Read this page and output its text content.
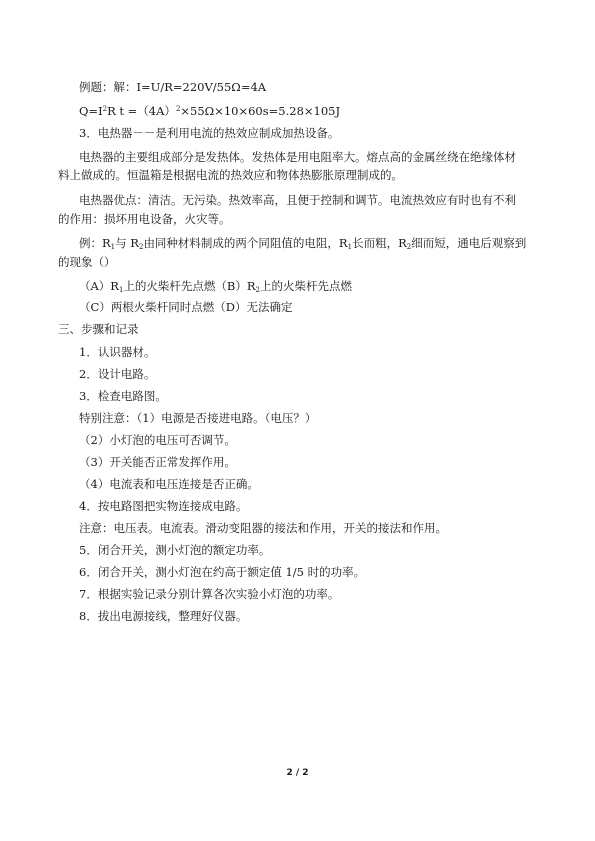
例题：解：I=U/R=220V/55Ω=4A
$Q=I^2R$ $t =(4A)^2\times 55\Omega\times 10\times 60s=5.28\times 105J$
3．电热器－－是利用电流的热效应制成加热设备。
电热器的主要组成部分是发热体。发热体是用电阻率大。熔点高的金属丝绕在绝缘体材
料上做成的。恒温箱是根据电流的热效应和物体热膨胀原理制成的。
电热器优点：清洁。无污染。热效率高，且便于控制和调节。电流热效应有时也有不利
的作用：损坏用电设备，火灾等。
例：$R_1$与 $R_2$由同种材料制成的两个同阻值的电阻，$R_1$长而粗，$R_2$细而短，通电后观察到
的现象（）
$(A)R_1$上的火柴杆先点燃$(B)R_2$上的火柴杆先点燃
（C）两根火柴杆同时点燃（D）无法确定
三、步骤和记录
1．认识器材。
2．设计电路。
3．检查电路图。
特别注意：（1）电源是否接进电路。（电压？）
（2）小灯泡的电压可否调节。
（3）开关能否正常发挥作用。
（4）电流表和电压连接是否正确。
4．按电路图把实物连接成电路。
注意：电压表。电流表。滑动变阻器的接法和作用，开关的接法和作用。
5．闭合开关，测小灯泡的额定功率。
6．闭合开关，测小灯泡在约高于额定值 1/5 时的功率。
7．根据实验记录分别计算各次实验小灯泡的功率。
8．拔出电源接线，整理好仪器。
2 / 2
